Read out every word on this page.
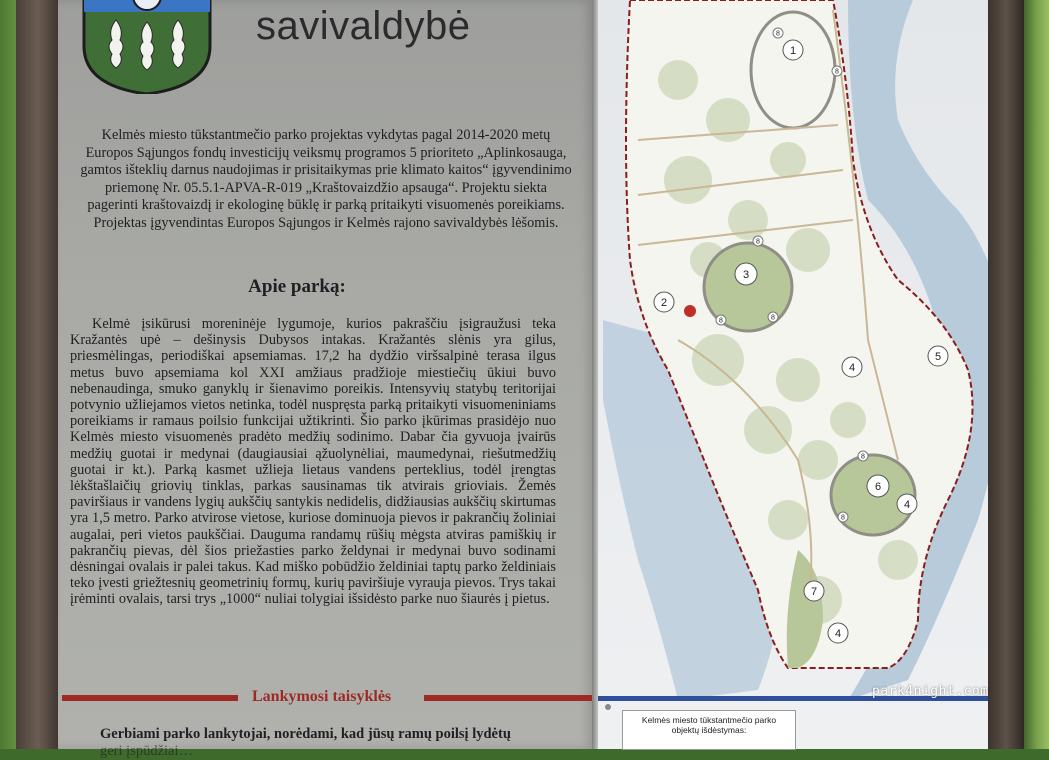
savivaldybė

Kelmės miesto tūkstantmečio parko projektas vykdytas pagal 2014-2020 metų Europos Sąjungos fondų investicijų veiksmų programos 5 prioriteto „Aplinkosauga, gamtos išteklių darnus naudojimas ir prisitaikymas prie klimato kaitos“ įgyvendinimo priemonę Nr. 05.5.1-APVA-R-019 „Kraštovaizdžio apsauga“. Projektu siekta pagerinti kraštovaizdį ir ekologinę būklę ir parką pritaikyti visuomenės poreikiams. Projektas įgyvendintas Europos Sąjungos ir Kelmės rajono savivaldybės lėšomis.

Apie parką:
Kelmė įsikūrusi moreninėje lygumoje, kurios pakraščiu įsigraužusi teka Kražantės upė – dešinysis Dubysos intakas. Kražantės slėnis yra gilus, priesmėlingas, periodiškai apsemiamas. 17,2 ha dydžio viršsalpinė terasa ilgus metus buvo apsemiama kol XXI amžiaus pradžioje miestiečių ūkiui buvo nebenaudinga, smuko ganyklų ir šienavimo poreikis. Intensyvių statybų teritorijai potvynio užliejamos vietos netinka, todėl nuspręsta parką pritaikyti visuomeniniams poreikiams ir ramaus poilsio funkcijai užtikrinti. Šio parko įkūrimas prasidėjo nuo Kelmės miesto visuomenės pradėto medžių sodinimo. Dabar čia gyvuoja įvairūs medžių guotai ir medynai (daugiausiai ąžuolynėliai, maumedynai, riešutmedžių guotai ir kt.). Parką kasmet užlieja lietaus vandens perteklius, todėl įrengtas lėkštašlaičių griovių tinklas, parkas sausinamas tik atvirais grioviais. Žemės paviršiaus ir vandens lygių aukščių santykis nedidelis, didžiausias aukščių skirtumas yra 1,5 metro. Parko atvirose vietose, kuriose dominuoja pievos ir pakrančių žoliniai augalai, peri vietos paukščiai. Dauguma randamų rūšių mėgsta atviras pamiškių ir pakrančių pievas, dėl šios priežasties parko želdynai ir medynai buvo sodinami dėsningai ovalais ir palei takus. Kad miško pobūdžio želdiniai taptų parko želdiniais teko įvesti griežtesnių geometrinių formų, kurių paviršiuje vyrauja pievos. Trys takai įrėminti ovalais, tarsi trys „1000“ nuliai tolygiai išsidėsto parke nuo šiaurės į pietus.
Lankymosi taisyklės
Gerbiami parko lankytojai, norėdami, kad jūsų ramų poilsį lydėtų
geri įspūdžiai…
1
2
3
4
5
4
6
4
7
8
8
8
8	8
8
8
Kelmės miesto tūkstantmečio parko
objektų išdėstymas:
park4night.com
